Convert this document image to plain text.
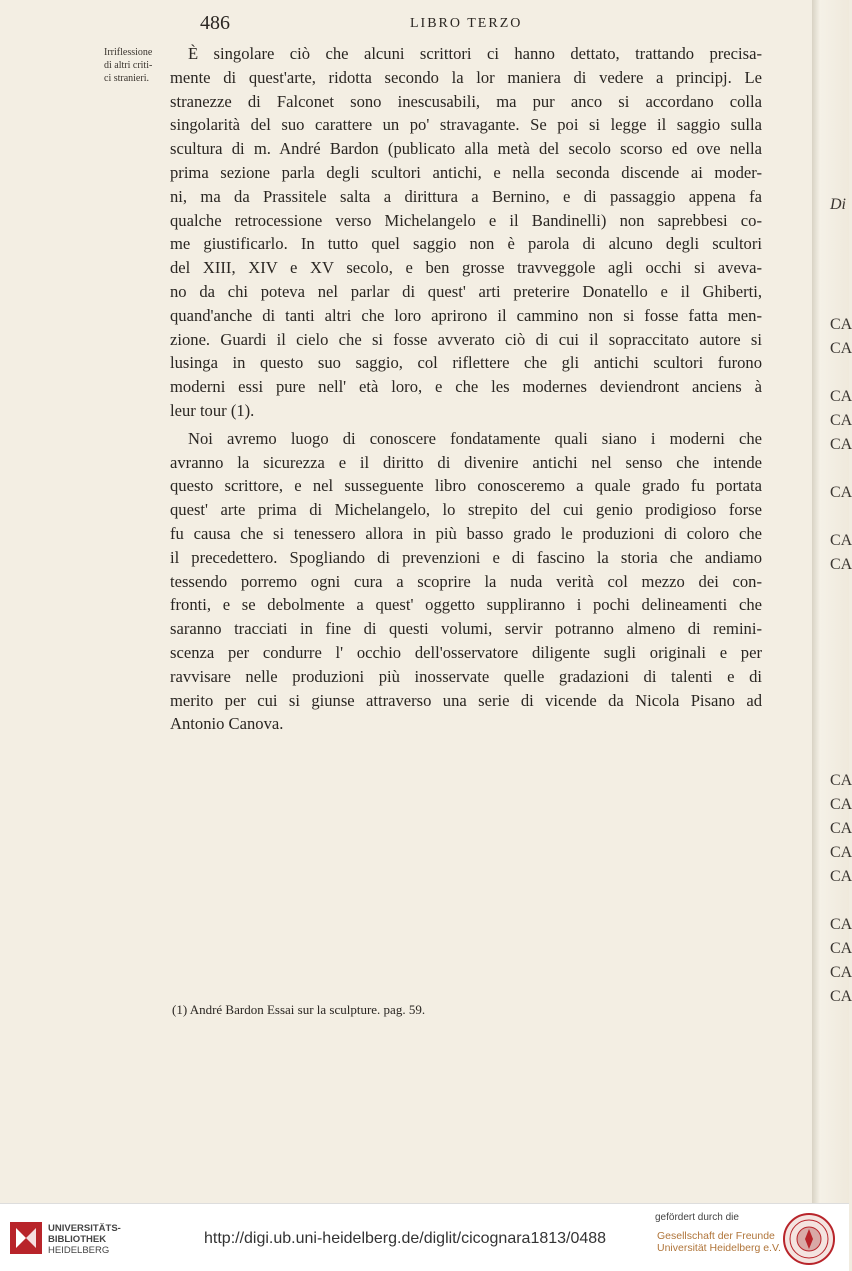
486	LIBRO TERZO
Irriflessione
di altri criti-
ci stranieri.
È singolare ciò che alcuni scrittori ci hanno dettato, trattando precisa-
mente di quest'arte, ridotta secondo la lor maniera di vedere a principj. Le
stranezze di Falconet sono inescusabili, ma pur anco si accordano colla
singolarità del suo carattere un po' stravagante. Se poi si legge il saggio sulla
scultura di m. André Bardon (publicato alla metà del secolo scorso ed ove nella
prima sezione parla degli scultori antichi, e nella seconda discende ai moder-
ni, ma da Prassitele salta a dirittura a Bernino, e di passaggio appena fa
qualche retrocessione verso Michelangelo e il Bandinelli) non saprebbesi co-
me giustificarlo. In tutto quel saggio non è parola di alcuno degli scultori
del XIII, XIV e XV secolo, e ben grosse travveggole agli occhi si aveva-
no da chi poteva nel parlar di quest' arti preterire Donatello e il Ghiberti,
quand'anche di tanti altri che loro aprirono il cammino non si fosse fatta men-
zione. Guardi il cielo che si fosse avverato ciò di cui il sopraccitato autore si
lusinga in questo suo saggio, col riflettere che gli antichi scultori furono
moderni essi pure nell' età loro, e che les modernes deviendront anciens à
leur tour (1).
Noi avremo luogo di conoscere fondatamente quali siano i moderni che
avranno la sicurezza e il diritto di divenire antichi nel senso che intende
questo scrittore, e nel susseguente libro conosceremo a quale grado fu portata
quest' arte prima di Michelangelo, lo strepito del cui genio prodigioso forse
fu causa che si tenessero allora in più basso grado le produzioni di coloro che
il precedettero. Spogliando di prevenzioni e di fascino la storia che andiamo
tessendo porremo ogni cura a scoprire la nuda verità col mezzo dei con-
fronti, e se debolmente a quest' oggetto suppliranno i pochi delineamenti che
saranno tracciati in fine di questi volumi, servir potranno almeno di remini-
scenza per condurre l' occhio dell'osservatore diligente sugli originali e per
ravvisare nelle produzioni più inosservate quelle gradazioni di talenti e di
merito per cui si giunse attraverso una serie di vicende da Nicola Pisano ad
Antonio Canova.
(1) André Bardon Essai sur la sculpture. pag. 59.
Di
CA
CA
CA
CA
CA
CA
CA
CA
CA
CA
CA
CA
CA
CA
CA
CA
CA
UNIVERSITÄTS-
BIBLIOTHEK
HEIDELBERG
http://digi.ub.uni-heidelberg.de/diglit/cicognara1813/0488
gefördert durch die
Gesellschaft der Freunde
Universität Heidelberg e.V.
